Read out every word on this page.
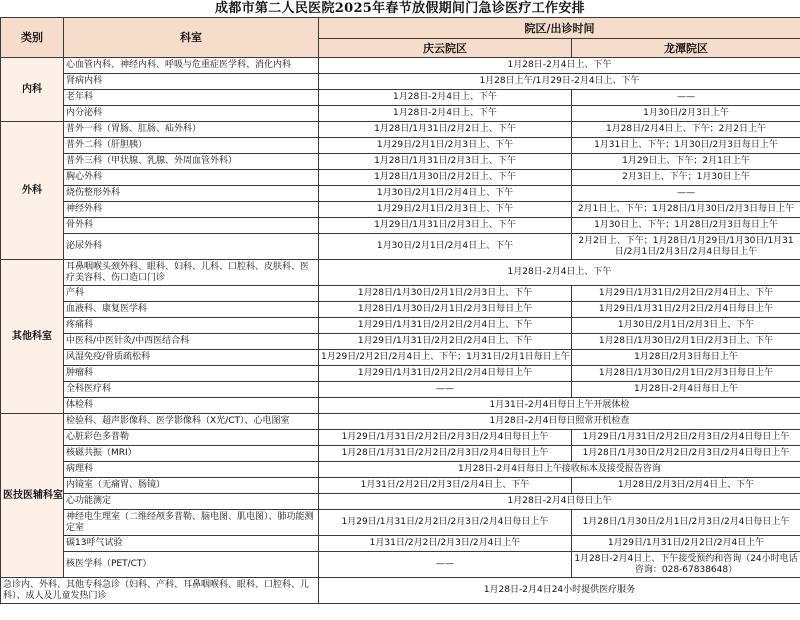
成都市第二人民医院2025年春节放假期间门急诊医疗工作安排
类别	科室	院区/出诊时间	
		庆云院区	龙潭院区
内科	心血管内科、神经内科、呼吸与危重症医学科、消化内科	1月28日-2月4日上、下午	
	肾病内科	1月28日上午/1月29日-2月4日上、下午	
	老年科	1月28日-2月4日上、下午	——
	内分泌科	1月28日-2月4日上、下午	1月30日/2月3日上午
外科	普外一科（胃肠、肛肠、疝外科）	1月28日/1月31日/2月2日上、下午	1月28日/2月4日上、下午；2月2日上午
	普外二科（肝胆胰）	1月29日/2月1日/2月3日上、下午	1月31日上、下午；1月30日/2月3日每日上午
	普外三科（甲状腺、乳腺、外周血管外科）	1月28日/1月31日/2月3日上、下午	1月29日上、下午；2月1日上午
	胸心外科	1月28日/1月30日/2月2日上、下午	2月3日上、下午；1月30日上午
	烧伤整形外科	1月30日/2月1日/2月4日上、下午	——
	神经外科	1月29日/2月1日/2月3日上、下午	2月1日上、下午；1月28日/1月30日/2月3日每日上午
	骨外科	1月29日/1月31日/2月3日上、下午	1月30日上、下午；1月28日/2月3日每日上午
	泌尿外科	1月30日/2月1日/2月4日上、下午	2月2日上、下午；1月28日/1月29日/1月30日/1月31日/2月1日/2月3日/2月4日每日上午
其他科室	耳鼻咽喉头颈外科、眼科、妇科、儿科、口腔科、皮肤科、医疗美容科、伤口造口门诊	1月28日-2月4日上、下午	
	产科	1月28日/1月30日/2月1日/2月3日上、下午	1月29日/1月31日/2月2日/2月4日上、下午
	血液科、康复医学科	1月28日/1月30日/2月1日/2月3日每日上午	1月29日/1月31日/2月2日/2月4日每日上午
	疼痛科	1月29日/1月31日/2月2日/2月4日上、下午	1月30日/2月1日/2月3日上、下午
	中医科/中医针灸/中西医结合科	1月29日/1月31日/2月2日/2月4日上、下午	1月28日/1月30日/2月1日/2月3日上、下午
	风湿免疫/骨质疏松科	1月29日/2月2日/2月4日上、下午；1月31日/2月1日每日上午	1月28日/2月3日每日上午
	肿瘤科	1月29日/1月31日/2月2日/2月4日每日上午	1月28日/1月30日/2月1日/2月3日每日上午
	全科医疗科	——	1月28日-2月4日每日上午
	体检科	1月31日-2月4日每日上午开展体检	
医技医辅科室	检验科、超声影像科、医学影像科（X光/CT）、心电图室	1月28日-2月4日每日照常开机检查	
	心脏彩色多普勒	1月29日/1月31日/2月2日/2月3日/2月4日每日上午	1月29日/1月31日/2月2日/2月3日/2月4日每日上午
	核磁共振（MRI）	1月28日/1月31日/2月2日/2月3日/2月4日每日上午	1月28日/1月30日/2月2日/2月3日/2月4日每日上午
	病理科	1月28日-2月4日每日上午接收标本及接受报告咨询	
	内镜室（无痛胃、肠镜）	1月31日/2月2日/2月3日/2月4日上、下午	1月28日/2月3日/2月4日上、下午
	心功能测定	1月28日-2月4日每日上午	
	神经电生理室（二维经颅多普勒、脑电图、肌电图）、肺功能测定室	1月29日/1月31日/2月2日/2月3日/2月4日每日上午	1月28日/1月30日/2月1日/2月3日/2月4日每日上午
	碳13呼气试验	1月31日/2月2日/2月3日/2月4日上午	1月29日/1月31日/2月2日/2月4日上午
	核医学科（PET/CT）	——	1月28日-2月4日上、下午接受预约和咨询（24小时电话咨询：028-67838648）
急诊内、外科、其他专科急诊（妇科、产科、耳鼻咽喉科、眼科、口腔科、儿科）、成人及儿童发热门诊		1月28日-2月4日24小时提供医疗服务	
